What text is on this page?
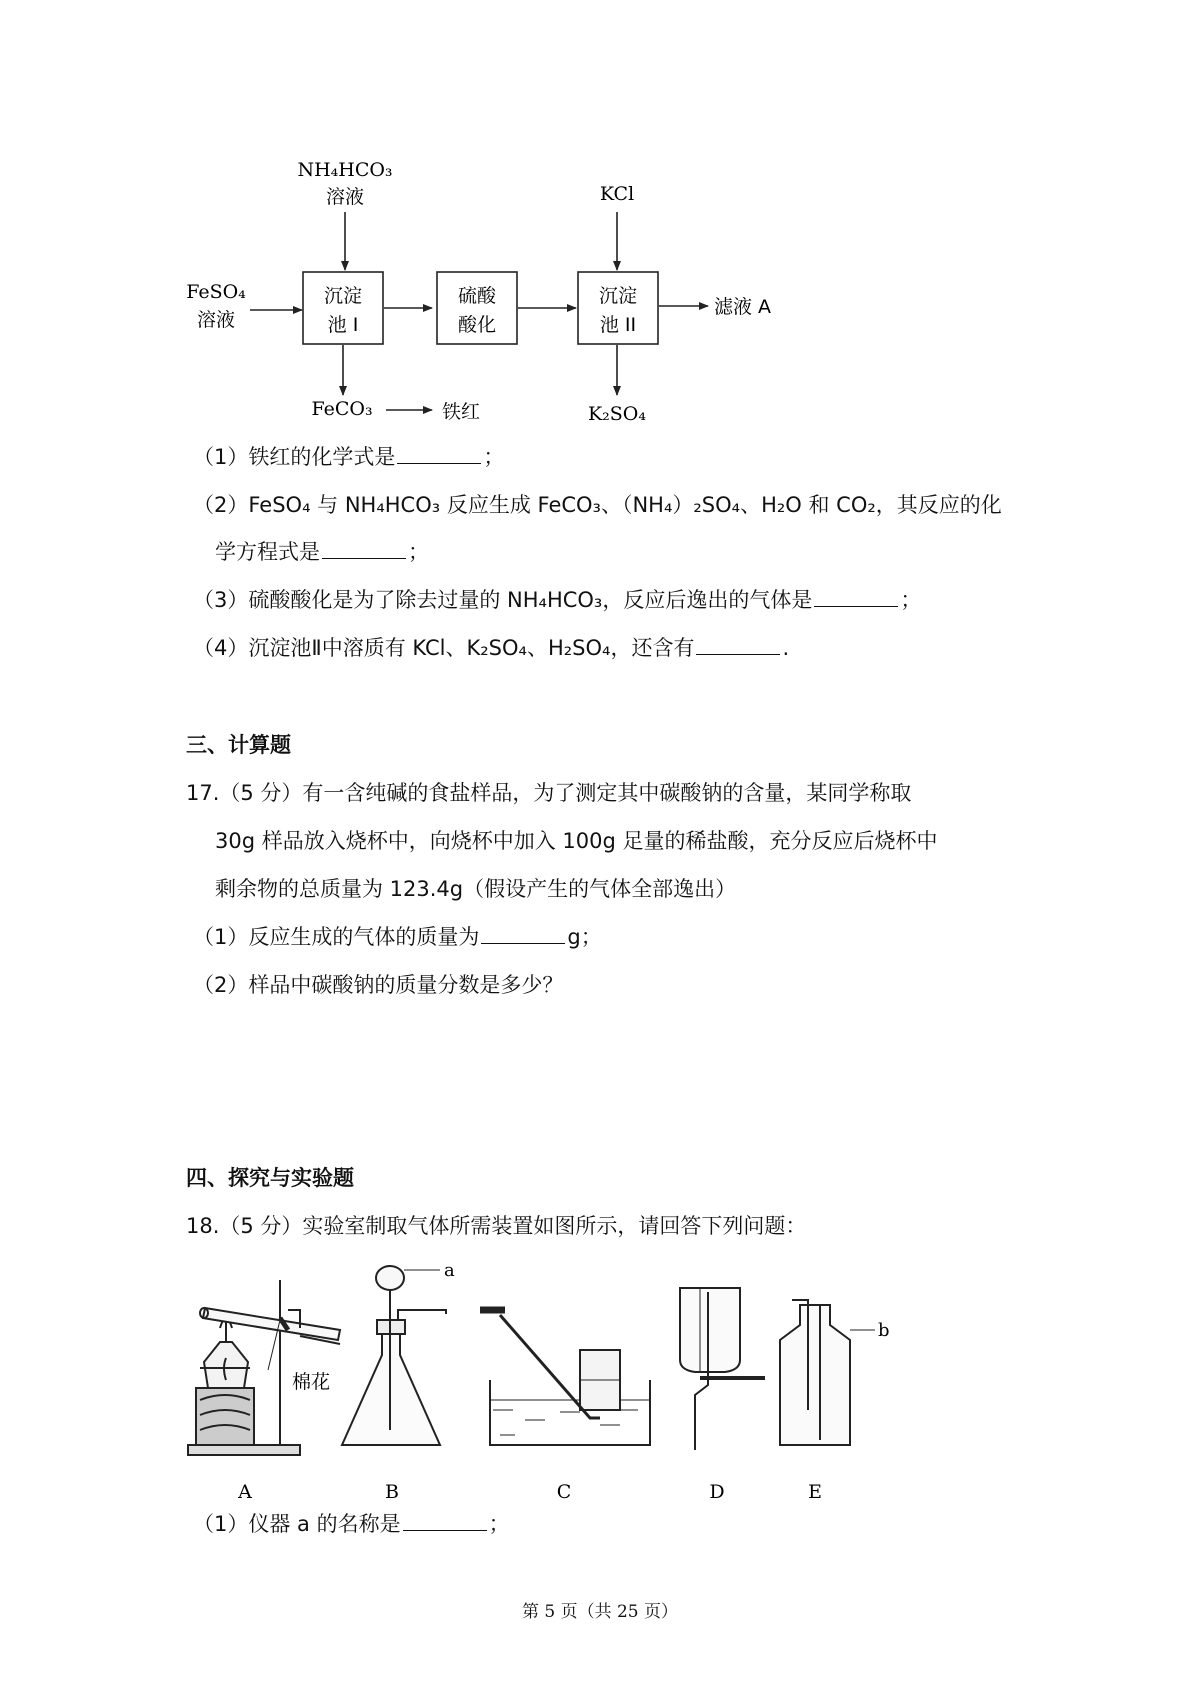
NH₄HCO₃
溶液
FeSO₄
溶液
沉淀
池 I
硫酸
酸化
KCl
沉淀
池 II
滤液 A
FeCO₃	铁红	K₂SO₄
（1）铁红的化学式是	；
（2）FeSO₄ 与 NH₄HCO₃ 反应生成 FeCO₃、（NH₄）₂SO₄、H₂O 和 CO₂，其反应的化
学方程式是	；
（3）硫酸酸化是为了除去过量的 NH₄HCO₃，反应后逸出的气体是	；
（4）沉淀池Ⅱ中溶质有 KCl、K₂SO₄、H₂SO₄，还含有	.
三、计算题
17.（5 分）有一含纯碱的食盐样品，为了测定其中碳酸钠的含量，某同学称取
30g 样品放入烧杯中，向烧杯中加入 100g 足量的稀盐酸，充分反应后烧杯中
剩余物的总质量为 123.4g（假设产生的气体全部逸出）
（1）反应生成的气体的质量为	g；
（2）样品中碳酸钠的质量分数是多少？
四、探究与实验题
18.（5 分）实验室制取气体所需装置如图所示，请回答下列问题：
棉花
a
b
A	B	C	D	E
（1）仪器 a 的名称是	；
第 5 页（共 25 页）
